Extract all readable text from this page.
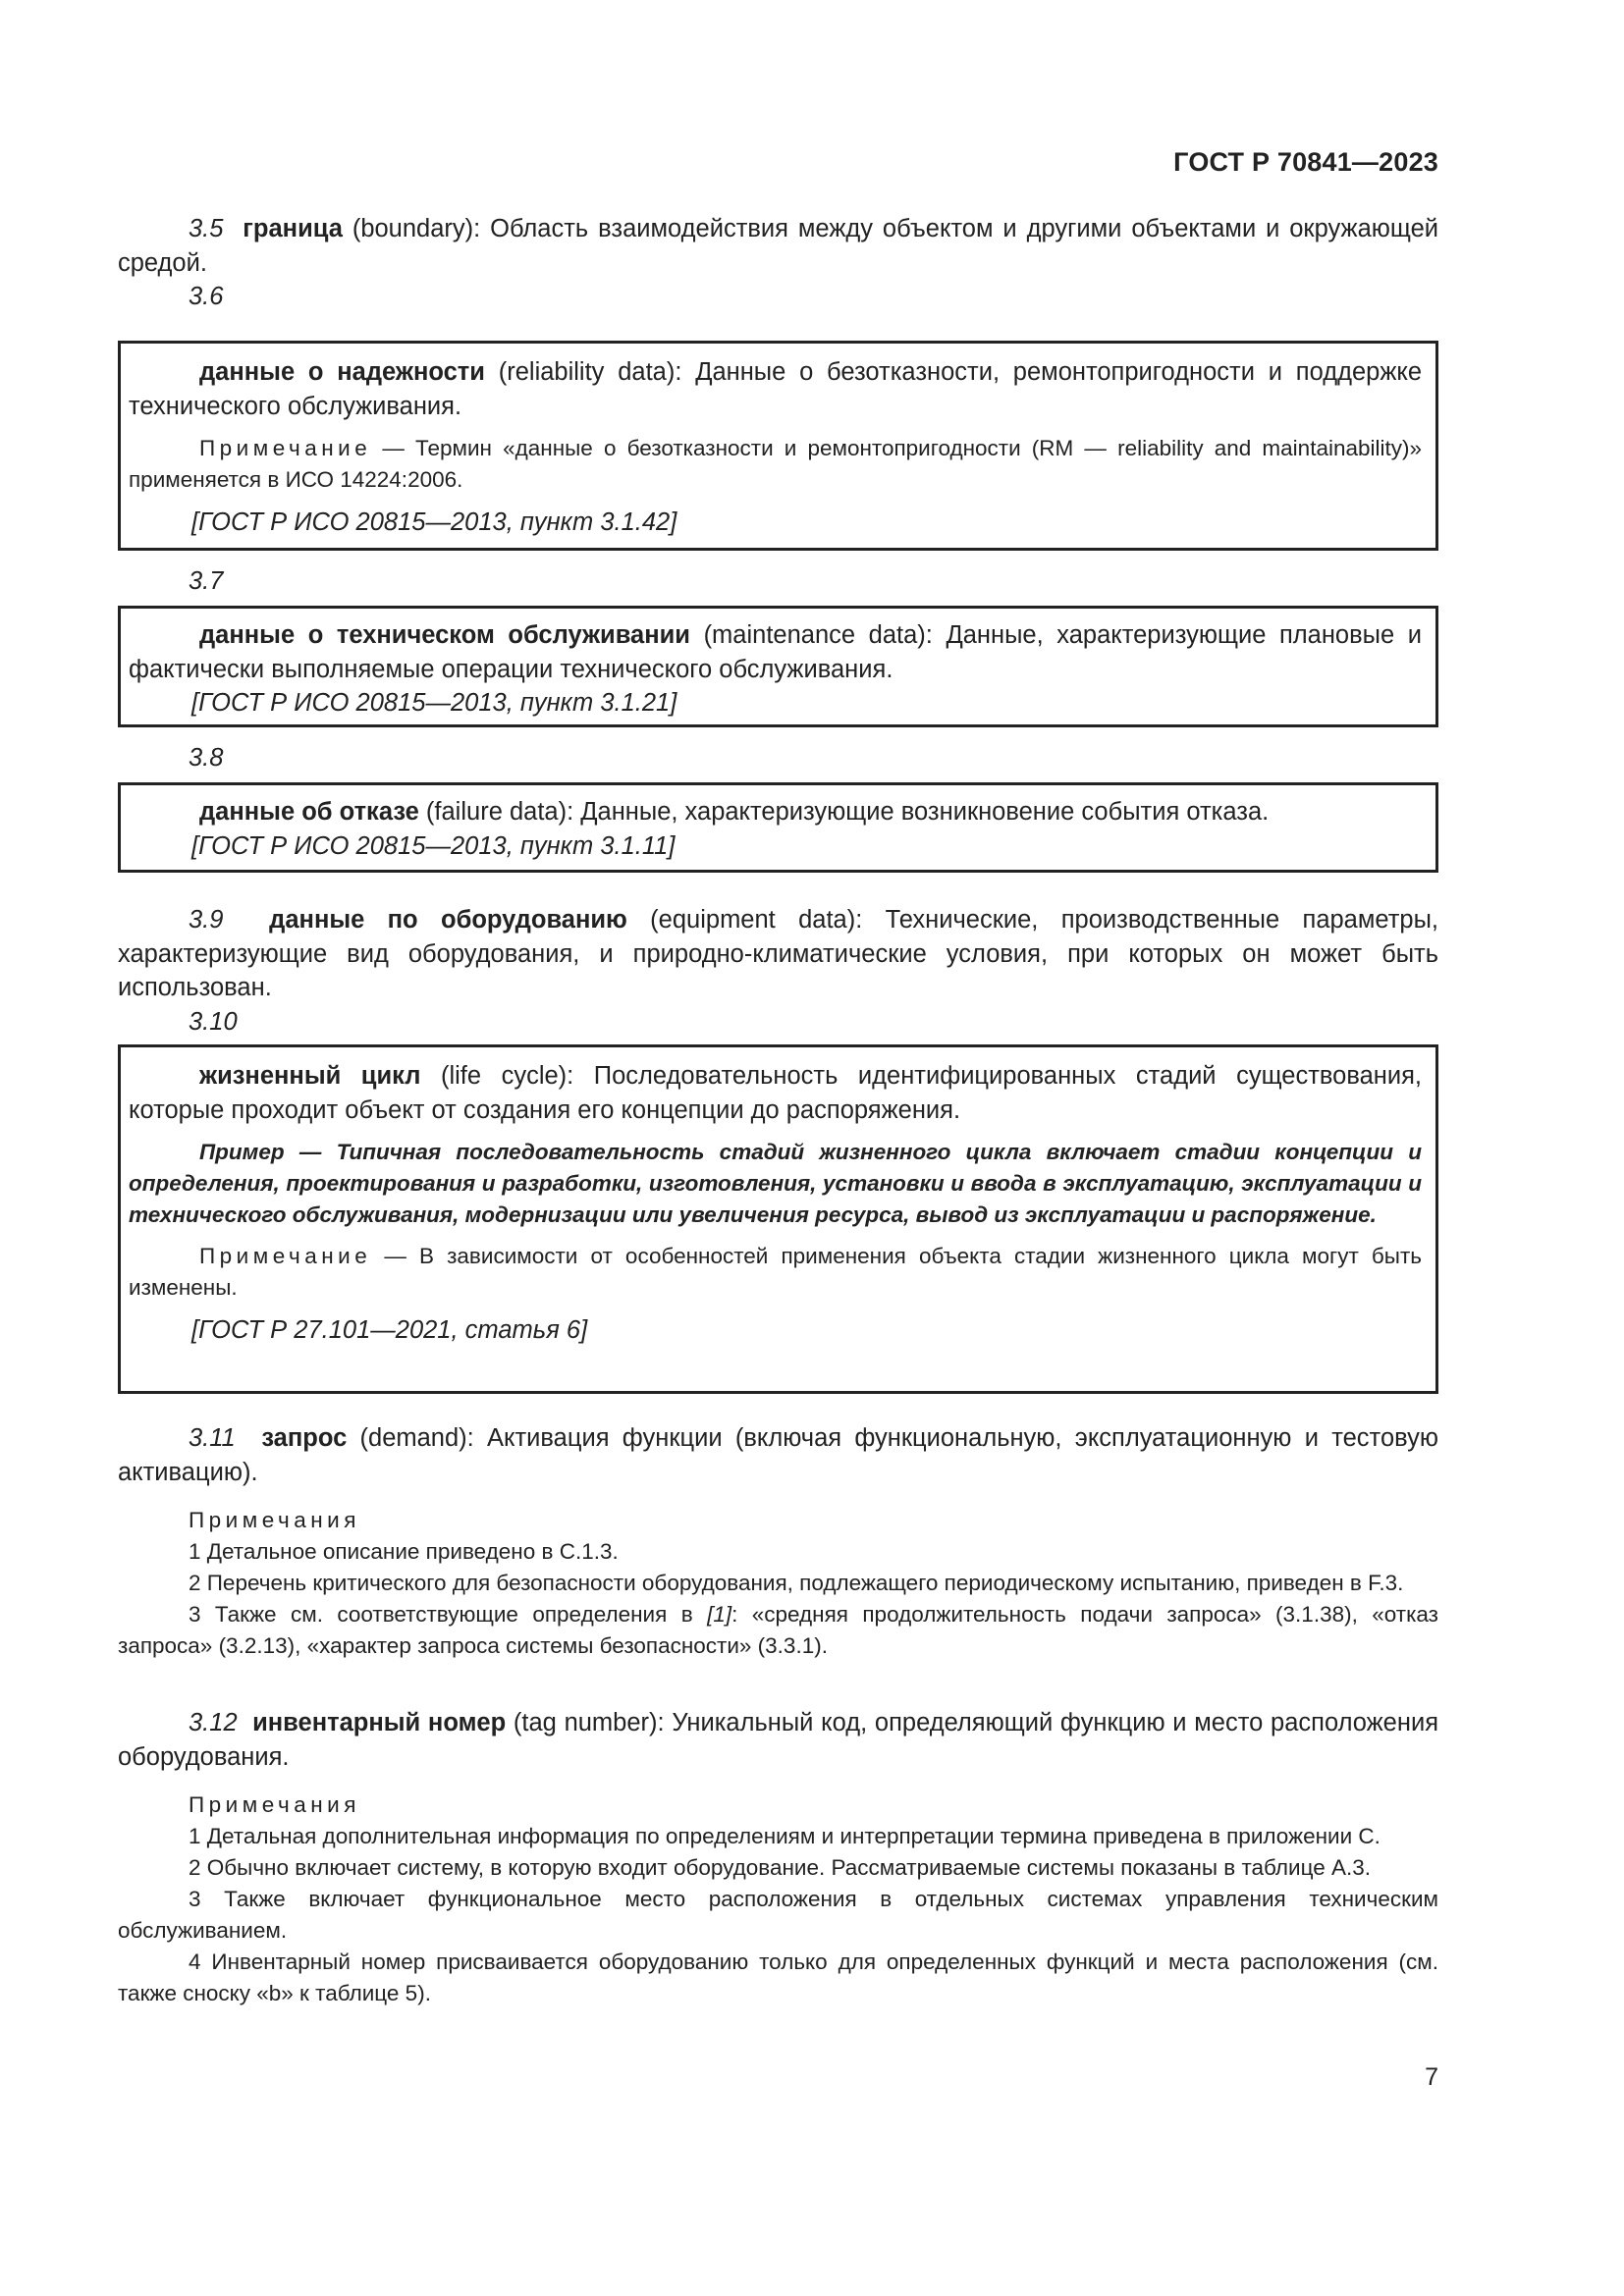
ГОСТ Р 70841—2023

3.5 граница (boundary): Область взаимодействия между объектом и другими объектами и окружающей средой.

3.6

данные о надежности (reliability data): Данные о безотказности, ремонтопригодности и поддержке технического обслуживания.

Примечание — Термин «данные о безотказности и ремонтопригодности (RM — reliability and maintainability)» применяется в ИСО 14224:2006.

[ГОСТ Р ИСО 20815—2013, пункт 3.1.42]

3.7

данные о техническом обслуживании (maintenance data): Данные, характеризующие плановые и фактически выполняемые операции технического обслуживания.

[ГОСТ Р ИСО 20815—2013, пункт 3.1.21]

3.8

данные об отказе (failure data): Данные, характеризующие возникновение события отказа.

[ГОСТ Р ИСО 20815—2013, пункт 3.1.11]

3.9 данные по оборудованию (equipment data): Технические, производственные параметры, характеризующие вид оборудования, и природно-климатические условия, при которых он может быть использован.

3.10

жизненный цикл (life cycle): Последовательность идентифицированных стадий существования, которые проходит объект от создания его концепции до распоряжения.

Пример — Типичная последовательность стадий жизненного цикла включает стадии концепции и определения, проектирования и разработки, изготовления, установки и ввода в эксплуатацию, эксплуатации и технического обслуживания, модернизации или увеличения ресурса, вывод из эксплуатации и распоряжение.

Примечание — В зависимости от особенностей применения объекта стадии жизненного цикла могут быть изменены.

[ГОСТ Р 27.101—2021, статья 6]

3.11 запрос (demand): Активация функции (включая функциональную, эксплуатационную и тестовую активацию).

Примечания

1 Детальное описание приведено в С.1.3.

2 Перечень критического для безопасности оборудования, подлежащего периодическому испытанию, приведен в F.3.

3 Также см. соответствующие определения в [1]: «средняя продолжительность подачи запроса» (3.1.38), «отказ запроса» (3.2.13), «характер запроса системы безопасности» (3.3.1).

3.12 инвентарный номер (tag number): Уникальный код, определяющий функцию и место расположения оборудования.

Примечания

1 Детальная дополнительная информация по определениям и интерпретации термина приведена в приложении С.

2 Обычно включает систему, в которую входит оборудование. Рассматриваемые системы показаны в таблице А.3.

3 Также включает функциональное место расположения в отдельных системах управления техническим обслуживанием.

4 Инвентарный номер присваивается оборудованию только для определенных функций и места расположения (см. также сноску «b» к таблице 5).

7
